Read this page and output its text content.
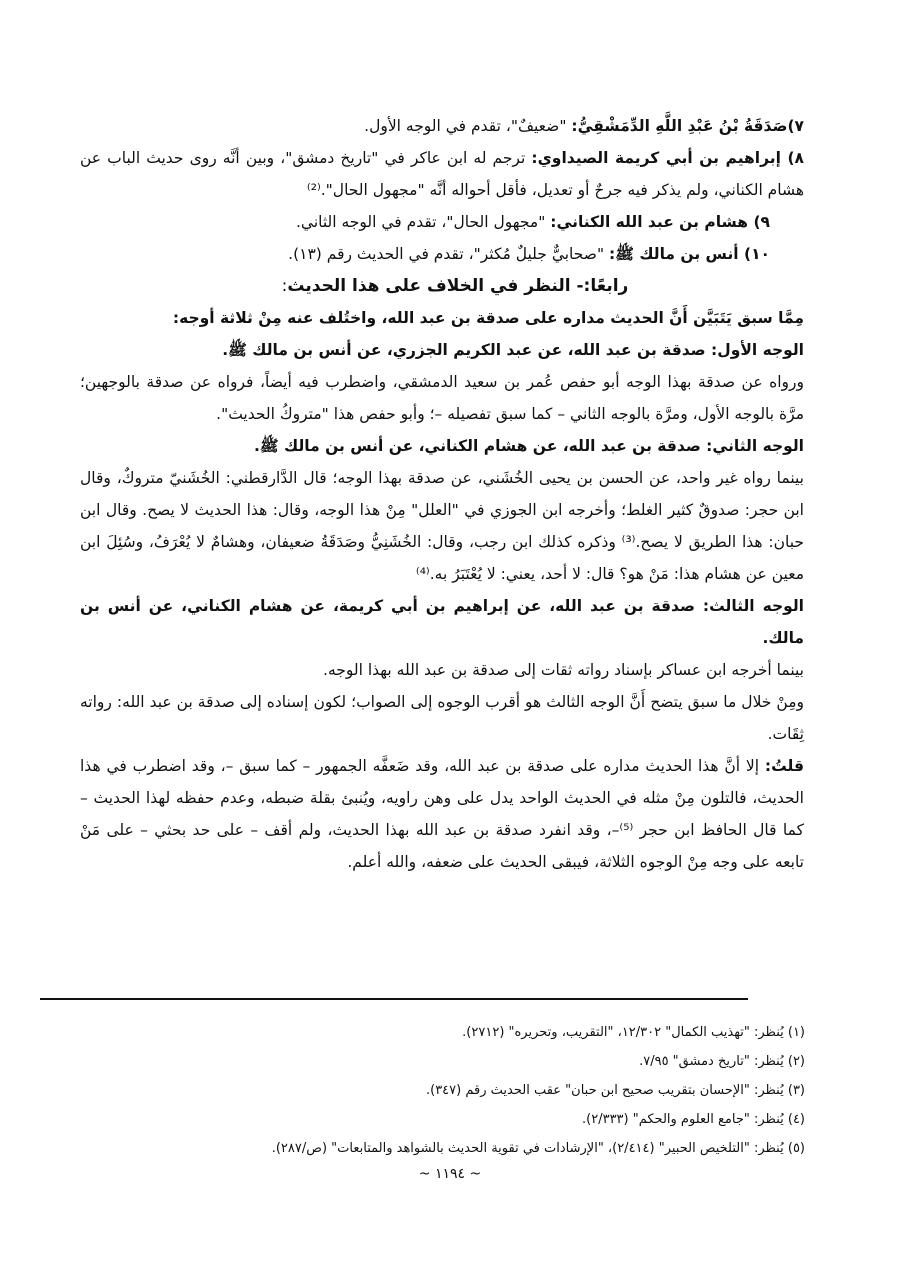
٧)صَدَقَةُ بْنُ عَبْدِ اللَّهِ الدِّمَشْقِيُّ: "ضعيفٌ"، تقدم في الوجه الأول.

٨) إبراهيم بن أبي كريمة الصيداوي: ترجم له ابن عاكر في "تاريخ دمشق"، وبين أنَّه روى حديث الباب عن هشام الكناني، ولم يذكر فيه جرحٌ أو تعديل، فأقل أحواله أنَّه "مجهول الحال".⁽²⁾

٩) هشام بن عبد الله الكناني: "مجهول الحال"، تقدم في الوجه الثاني.

١٠) أنس بن مالك ﷺ: "صحابيٌّ جليلٌ مُكثر"، تقدم في الحديث رقم (١٣).

رابعًا:- النظر في الخلاف على هذا الحديث:

مِمَّا سبق يَتَبَيَّن أَنَّ الحديث مداره على صدقة بن عبد الله، واختُلف عنه مِنْ ثلاثة أوجه:

الوجه الأول: صدقة بن عبد الله، عن عبد الكريم الجزري، عن أنس بن مالك ﷺ.

ورواه عن صدقة بهذا الوجه أبو حفص عُمر بن سعيد الدمشقي، واضطرب فيه أيضاً، فرواه عن صدقة بالوجهين؛ مرَّة بالوجه الأول، ومرَّة بالوجه الثاني – كما سبق تفصيله –؛ وأبو حفص هذا "متروكُ الحديث".

الوجه الثاني: صدقة بن عبد الله، عن هشام الكناني، عن أنس بن مالك ﷺ.

بينما رواه غير واحد، عن الحسن بن يحيى الخُشَني، عن صدقة بهذا الوجه؛ قال الدَّارقطني: الخُشَنيّ متروكٌ، وقال ابن حجر: صدوقٌ كثير الغلط؛ وأخرجه ابن الجوزي في "العلل" مِنْ هذا الوجه، وقال: هذا الحديث لا يصح. وقال ابن حبان: هذا الطريق لا يصح.⁽³⁾ وذكره كذلك ابن رجب، وقال: الخُشَنِيُّ وصَدَقَةُ ضعيفان، وهشامٌ لا يُعْرَفُ، وسُئِلَ ابن معين عن هشام هذا: مَنْ هو؟ قال: لا أحد، يعني: لا يُعْتَبَرُ به.⁽⁴⁾

الوجه الثالث: صدقة بن عبد الله، عن إبراهيم بن أبي كريمة، عن هشام الكناني، عن أنس بن مالك.

بينما أخرجه ابن عساكر بإسناد رواته ثقات إلى صدقة بن عبد الله بهذا الوجه.

ومِنْ خلال ما سبق يتضح أَنَّ الوجه الثالث هو أقرب الوجوه إلى الصواب؛ لكون إسناده إلى صدقة بن عبد الله: رواته ثِقَات.

قلتُ: إلا أنَّ هذا الحديث مداره على صدقة بن عبد الله، وقد ضَعفَّه الجمهور – كما سبق –، وقد اضطرب في هذا الحديث، فالتلون مِنْ مثله في الحديث الواحد يدل على وهن راويه، ويُنبئ بقلة ضبطه، وعدم حفظه لهذا الحديث – كما قال الحافظ ابن حجر ⁽⁵⁾–، وقد انفرد صدقة بن عبد الله بهذا الحديث، ولم أقف – على حد بحثي – على مَنْ تابعه على وجه مِنْ الوجوه الثلاثة، فيبقى الحديث على ضعفه، والله أعلم.

(١) يُنظر: "تهذيب الكمال" ١٢/٣٠٢، "التقريب، وتحريره" (٢٧١٢).

(٢) يُنظر: "تاريخ دمشق" ٧/٩٥.

(٣) يُنظر: "الإحسان بتقريب صحيح ابن حبان" عقب الحديث رقم (٣٤٧).

(٤) يُنظر: "جامع العلوم والحكم" (٢/٣٣٣).

(٥) يُنظر: "التلخيص الحبير" (٢/٤١٤)، "الإرشادات في تقوية الحديث بالشواهد والمتابعات" (ص/٢٨٧).

~ ١١٩٤ ~
